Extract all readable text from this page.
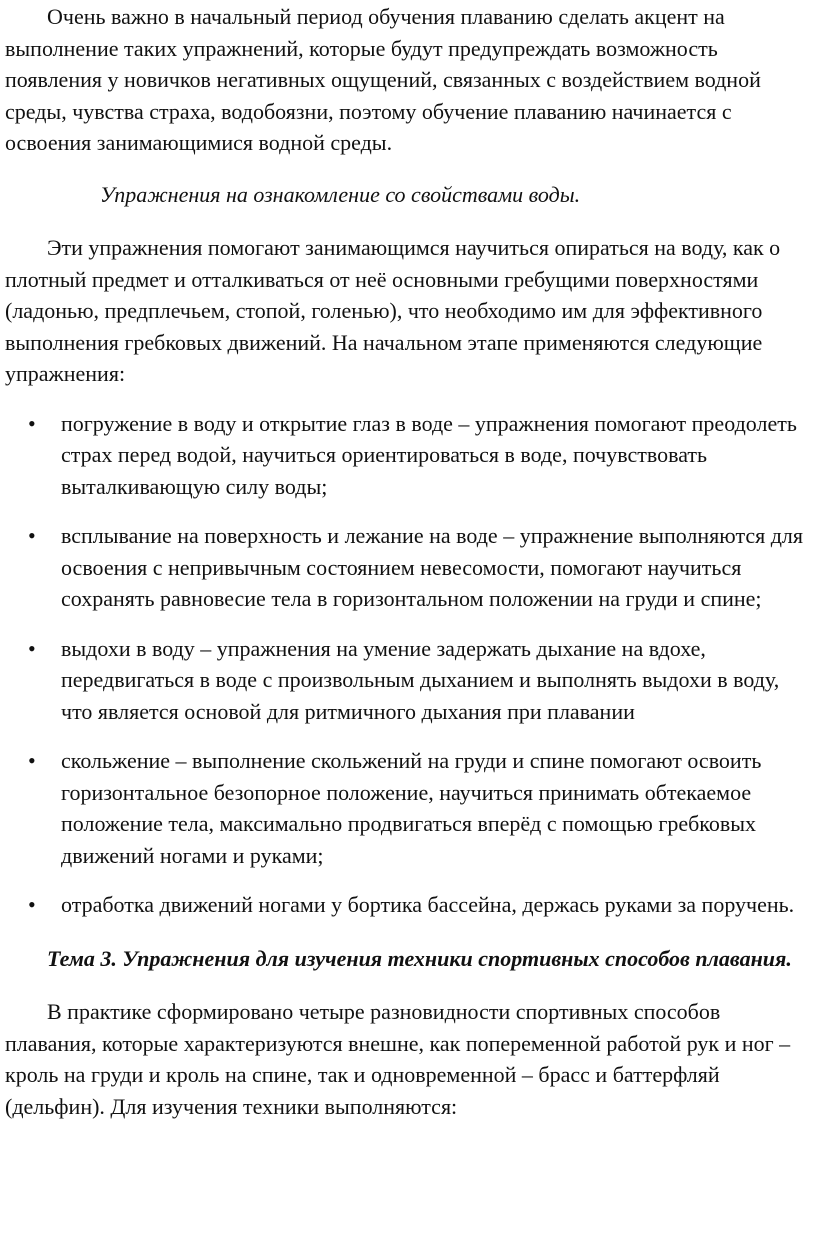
Очень важно в начальный период обучения плаванию сделать акцент на выполнение таких упражнений, которые будут предупреждать возможность появления у новичков негативных ощущений, связанных с воздействием водной среды, чувства страха, водобоязни, поэтому обучение плаванию начинается с освоения занимающимися водной среды.

Упражнения на ознакомление со свойствами воды.

Эти упражнения помогают занимающимся научиться опираться на воду, как о плотный предмет и отталкиваться от неё основными гребущими поверхностями (ладонью, предплечьем, стопой, голенью), что необходимо им для эффективного выполнения гребковых движений. На начальном этапе применяются следующие упражнения:

• погружение в воду и открытие глаз в воде – упражнения помогают преодолеть страх перед водой, научиться ориентироваться в воде, почувствовать выталкивающую силу воды;
• всплывание на поверхность и лежание на воде – упражнение выполняются для освоения с непривычным состоянием невесомости, помогают научиться сохранять равновесие тела в горизонтальном положении на груди и спине;
• выдохи в воду – упражнения на умение задержать дыхание на вдохе, передвигаться в воде с произвольным дыханием и выполнять выдохи в воду, что является основой для ритмичного дыхания при плавании
• скольжение – выполнение скольжений на груди и спине помогают освоить горизонтальное безопорное положение, научиться принимать обтекаемое положение тела, максимально продвигаться вперёд с помощью гребковых движений ногами и руками;
• отработка движений ногами у бортика бассейна, держась руками за поручень.

Тема 3. Упражнения для изучения техники спортивных способов плавания.

В практике сформировано четыре разновидности спортивных способов плавания, которые характеризуются внешне, как попеременной работой рук и ног – кроль на груди и кроль на спине, так и одновременной – брасс и баттерфляй (дельфин). Для изучения техники выполняются:
